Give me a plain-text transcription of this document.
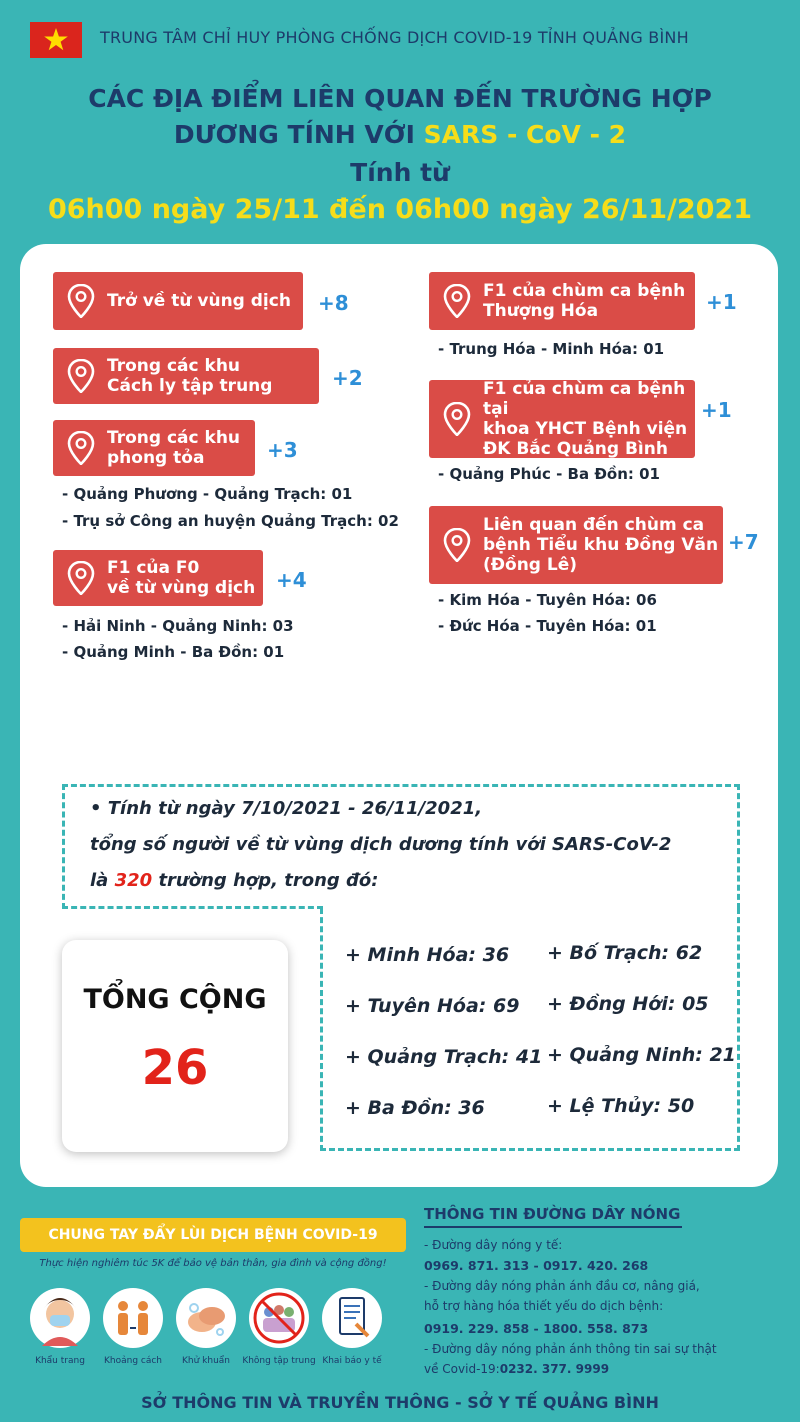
TRUNG TÂM CHỈ HUY PHÒNG CHỐNG DỊCH COVID-19 TỈNH QUẢNG BÌNH
CÁC ĐỊA ĐIỂM LIÊN QUAN ĐẾN TRƯỜNG HỢP
DƯƠNG TÍNH VỚI SARS - CoV - 2
Tính từ
06h00 ngày 25/11 đến 06h00 ngày 26/11/2021
Trở về từ vùng dịch +8
Trong các khu
Cách ly tập trung	+2
Trong các khu
phong tỏa	+3
- Quảng Phương - Quảng Trạch: 01
- Trụ sở Công an huyện Quảng Trạch: 02
F1 của F0
về từ vùng dịch +4
- Hải Ninh - Quảng Ninh: 03
- Quảng Minh - Ba Đồn: 01
F1 của chùm ca bệnh
Thượng Hóa	+1
- Trung Hóa - Minh Hóa: 01
F1 của chùm ca bệnh tại
khoa YHCT Bệnh viện
ĐK Bắc Quảng Bình
+1
- Quảng Phúc - Ba Đồn: 01
Liên quan đến chùm ca
bệnh Tiểu khu Đồng Văn
(Đồng Lê)
+7
- Kim Hóa - Tuyên Hóa: 06
- Đức Hóa - Tuyên Hóa: 01
• Tính từ ngày 7/10/2021 - 26/11/2021,
tổng số người về từ vùng dịch dương tính với SARS-CoV-2
là 320 trường hợp, trong đó:
+ Minh Hóa: 36 + Bố Trạch: 62
+ Tuyên Hóa: 69 + Đồng Hới: 05
+ Quảng Trạch: 41 + Quảng Ninh: 21
+ Ba Đồn: 36	+ Lệ Thủy: 50
TỔNG CỘNG
26
CHUNG TAY ĐẨY LÙI DỊCH BỆNH COVID-19
Thực hiện nghiêm túc 5K để bảo vệ bản thân, gia đình và cộng đồng!
Khẩu trang	Khoảng cách	Khử khuẩn	Không tập trung Khai báo y tế
THÔNG TIN ĐƯỜNG DÂY NÓNG
- Đường dây nóng y tế:
0969. 871. 313 - 0917. 420. 268
- Đường dây nóng phản ánh đầu cơ, nâng giá,
hỗ trợ hàng hóa thiết yếu do dịch bệnh:
0919. 229. 858 - 1800. 558. 873
- Đường dây nóng phản ánh thông tin sai sự thật
về Covid-19:0232. 377. 9999
SỞ THÔNG TIN VÀ TRUYỀN THÔNG - SỞ Y TẾ QUẢNG BÌNH
